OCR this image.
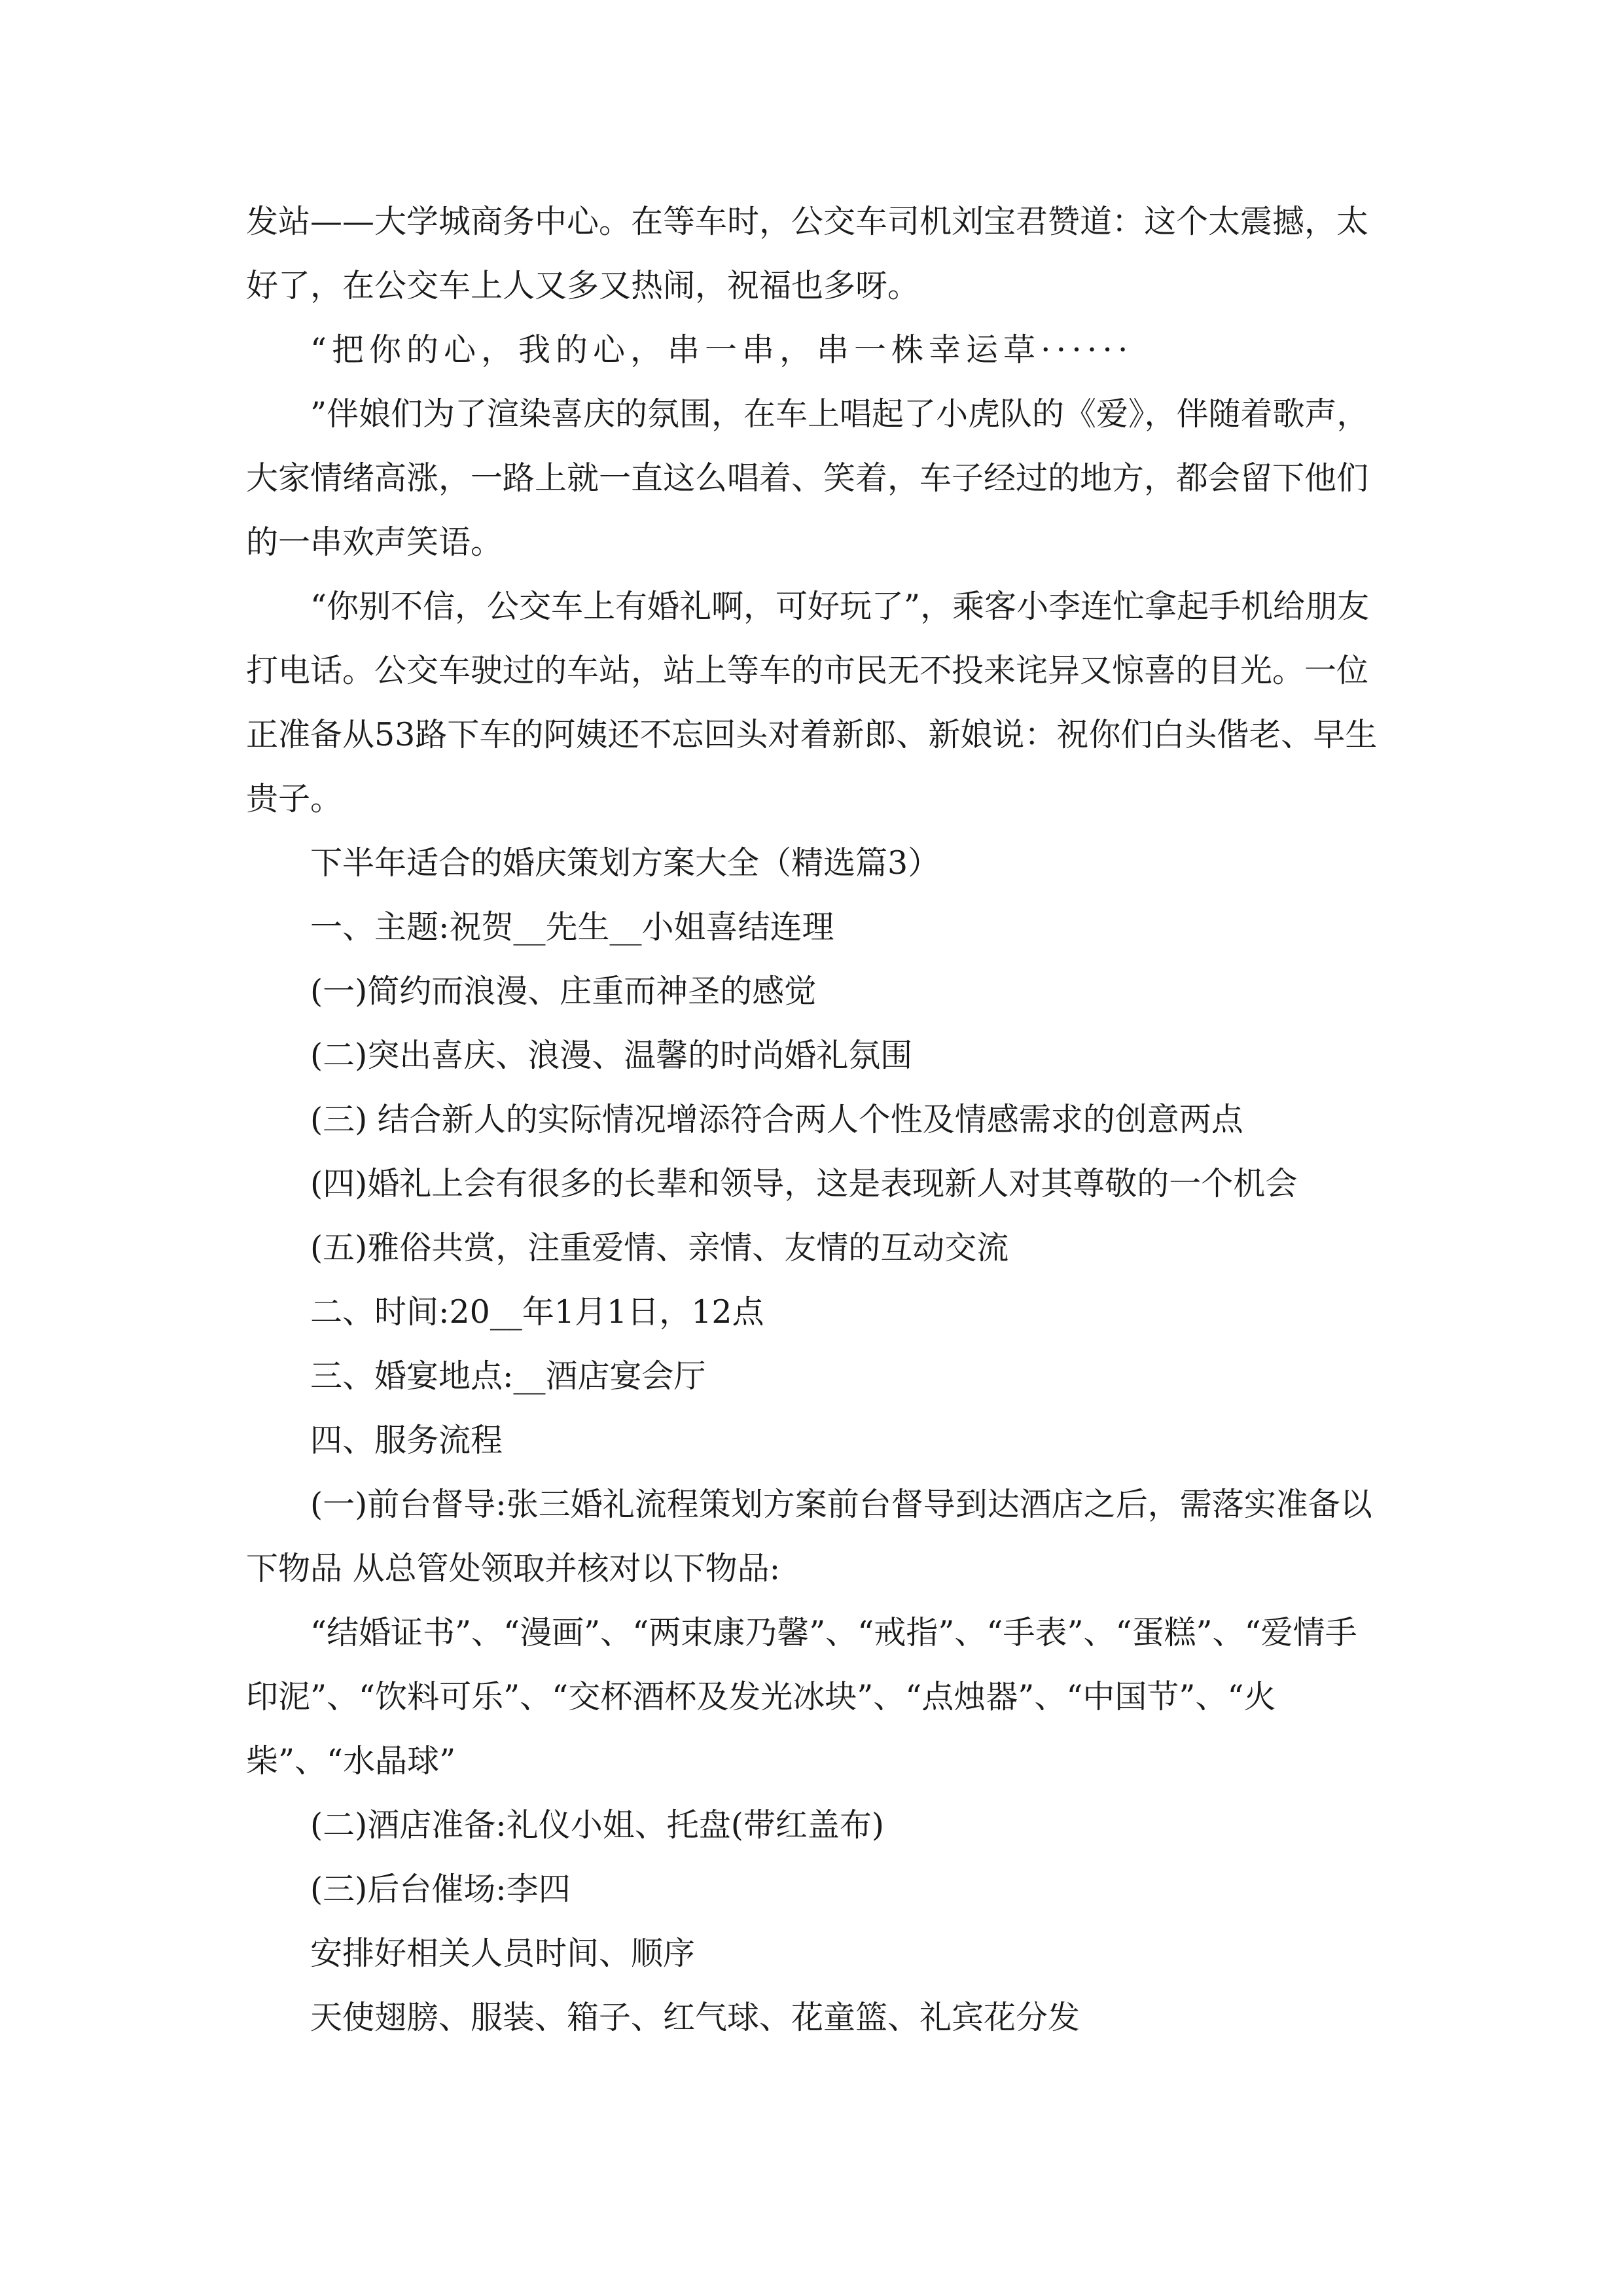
发站——大学城商务中心。在等车时，公交车司机刘宝君赞道：这个太震撼，太好了，在公交车上人又多又热闹，祝福也多呀。

“把你的心，我的心，串一串，串一株幸运草······

”伴娘们为了渲染喜庆的氛围，在车上唱起了小虎队的《爱》，伴随着歌声，大家情绪高涨，一路上就一直这么唱着、笑着，车子经过的地方，都会留下他们的一串欢声笑语。

“你别不信，公交车上有婚礼啊，可好玩了”，乘客小李连忙拿起手机给朋友打电话。公交车驶过的车站，站上等车的市民无不投来诧异又惊喜的目光。一位正准备从53路下车的阿姨还不忘回头对着新郎、新娘说：祝你们白头偕老、早生贵子。

下半年适合的婚庆策划方案大全（精选篇3）

一、主题:祝贺__先生__小姐喜结连理

(一)简约而浪漫、庄重而神圣的感觉

(二)突出喜庆、浪漫、温馨的时尚婚礼氛围

(三) 结合新人的实际情况增添符合两人个性及情感需求的创意两点

(四)婚礼上会有很多的长辈和领导，这是表现新人对其尊敬的一个机会

(五)雅俗共赏，注重爱情、亲情、友情的互动交流

二、时间:20__年1月1日，12点

三、婚宴地点:__酒店宴会厅

四、服务流程

(一)前台督导:张三婚礼流程策划方案前台督导到达酒店之后，需落实准备以下物品 从总管处领取并核对以下物品:

“结婚证书”、“漫画”、“两束康乃馨”、“戒指”、“手表”、“蛋糕”、“爱情手印泥”、“饮料可乐”、“交杯酒杯及发光冰块”、“点烛器”、“中国节”、“火柴”、“水晶球”

(二)酒店准备:礼仪小姐、托盘(带红盖布)

(三)后台催场:李四

安排好相关人员时间、顺序

天使翅膀、服装、箱子、红气球、花童篮、礼宾花分发
